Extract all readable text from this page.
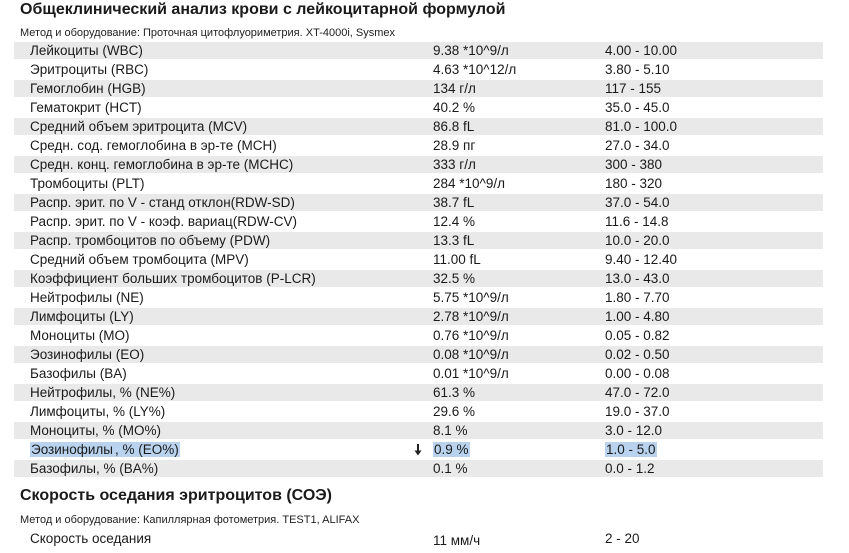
Общеклинический анализ крови с лейкоцитарной формулой
Метод и оборудование: Проточная цитофлуориметрия. XT-4000i, Sysmex
Лейкоциты (WBC)	9.38 *10^9/л	4.00 - 10.00
Эритроциты (RBC)	4.63 *10^12/л	3.80 - 5.10
Гемоглобин (HGB)	134 г/л	117 - 155
Гематокрит (HCT)	40.2 %	35.0 - 45.0
Средний объем эритроцита (MCV)	86.8 fL	81.0 - 100.0
Средн. сод. гемоглобина в эр-те (MCH)	28.9 пг	27.0 - 34.0
Средн. конц. гемоглобина в эр-те (MCHC)	333 г/л	300 - 380
Тромбоциты (PLT)	284 *10^9/л	180 - 320
Распр. эрит. по V - станд отклон(RDW-SD)	38.7 fL	37.0 - 54.0
Распр. эрит. по V - коэф. вариац(RDW-CV)	12.4 %	11.6 - 14.8
Распр. тромбоцитов по объему (PDW)	13.3 fL	10.0 - 20.0
Средний объем тромбоцита (MPV)	11.00 fL	9.40 - 12.40
Коэффициент больших тромбоцитов (P-LCR)	32.5 %	13.0 - 43.0
Нейтрофилы (NE)	5.75 *10^9/л	1.80 - 7.70
Лимфоциты (LY)	2.78 *10^9/л	1.00 - 4.80
Моноциты (MO)	0.76 *10^9/л	0.05 - 0.82
Эозинофилы (EO)	0.08 *10^9/л	0.02 - 0.50
Базофилы (BA)	0.01 *10^9/л	0.00 - 0.08
Нейтрофилы, % (NE%)	61.3 %	47.0 - 72.0
Лимфоциты, % (LY%)	29.6 %	19.0 - 37.0
Моноциты, % (MO%)	8.1 %	3.0 - 12.0
Эозинофилы , % (EO%)	0.9 %	1.0 - 5.0
Базофилы, % (BA%)	0.1 %	0.0 - 1.2
Скорость оседания эритроцитов (СОЭ)
Метод и оборудование: Капиллярная фотометрия. TEST1, ALIFAX
Скорость оседания	11 мм/ч	2 - 20
